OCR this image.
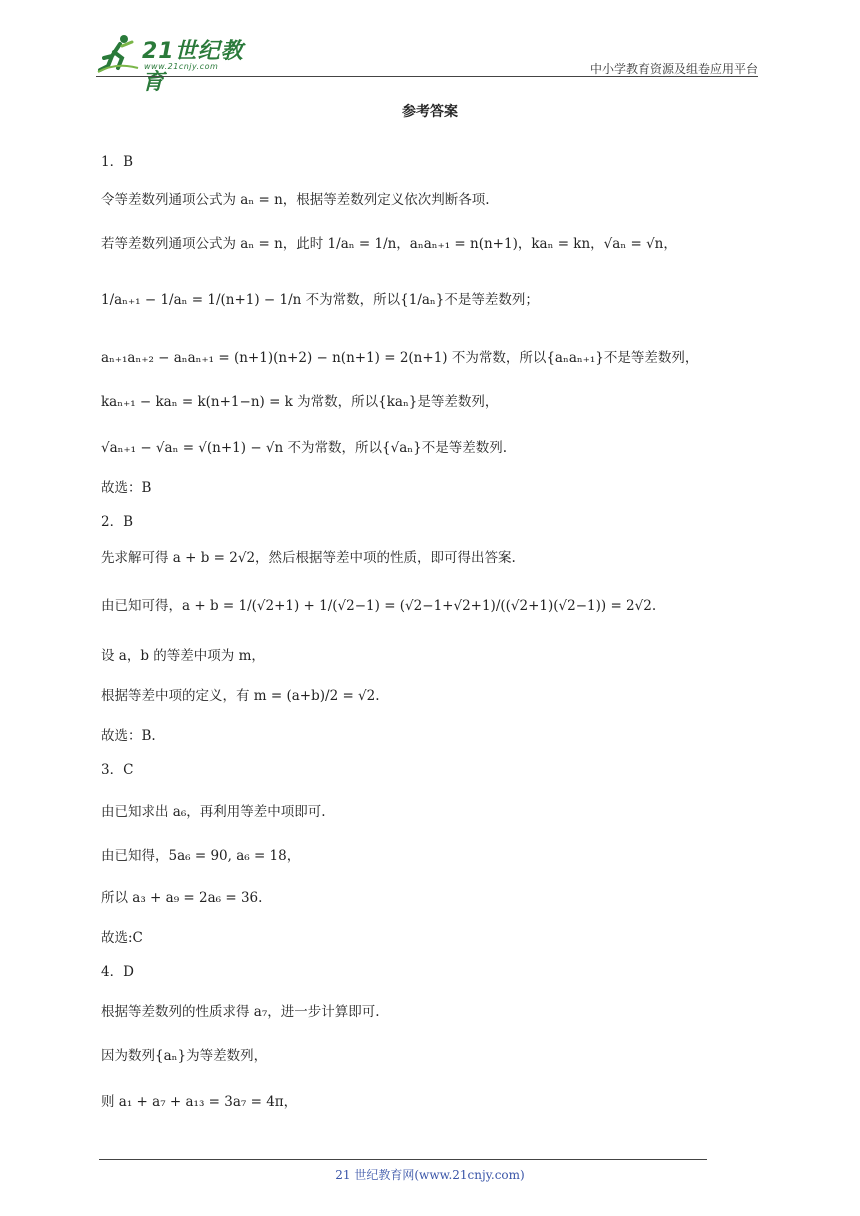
21世纪教育
www.21cnjy.com	中小学教育资源及组卷应用平台
参考答案
1．B
令等差数列通项公式为 aₙ = n，根据等差数列定义依次判断各项.
若等差数列通项公式为 aₙ = n，此时 1/aₙ = 1/n，aₙaₙ₊₁ = n(n+1)，kaₙ = kn，√aₙ = √n，
1/aₙ₊₁ − 1/aₙ = 1/(n+1) − 1/n 不为常数，所以{1/aₙ}不是等差数列；
aₙ₊₁aₙ₊₂ − aₙaₙ₊₁ = (n+1)(n+2) − n(n+1) = 2(n+1) 不为常数，所以{aₙaₙ₊₁}不是等差数列，
kaₙ₊₁ − kaₙ = k(n+1−n) = k 为常数，所以{kaₙ}是等差数列，
√aₙ₊₁ − √aₙ = √(n+1) − √n 不为常数，所以{√aₙ}不是等差数列.
故选：B
2．B
先求解可得 a + b = 2√2，然后根据等差中项的性质，即可得出答案.
由已知可得，a + b = 1/(√2+1) + 1/(√2−1) = (√2−1+√2+1)/((√2+1)(√2−1)) = 2√2.
设 a，b 的等差中项为 m，
根据等差中项的定义，有 m = (a+b)/2 = √2.
故选：B.
3．C
由已知求出 a₆，再利用等差中项即可.
由已知得，5a₆ = 90, a₆ = 18，
所以 a₃ + a₉ = 2a₆ = 36.
故选:C
4．D
根据等差数列的性质求得 a₇，进一步计算即可.
因为数列{aₙ}为等差数列，
则 a₁ + a₇ + a₁₃ = 3a₇ = 4π，
21 世纪教育网(www.21cnjy.com)
